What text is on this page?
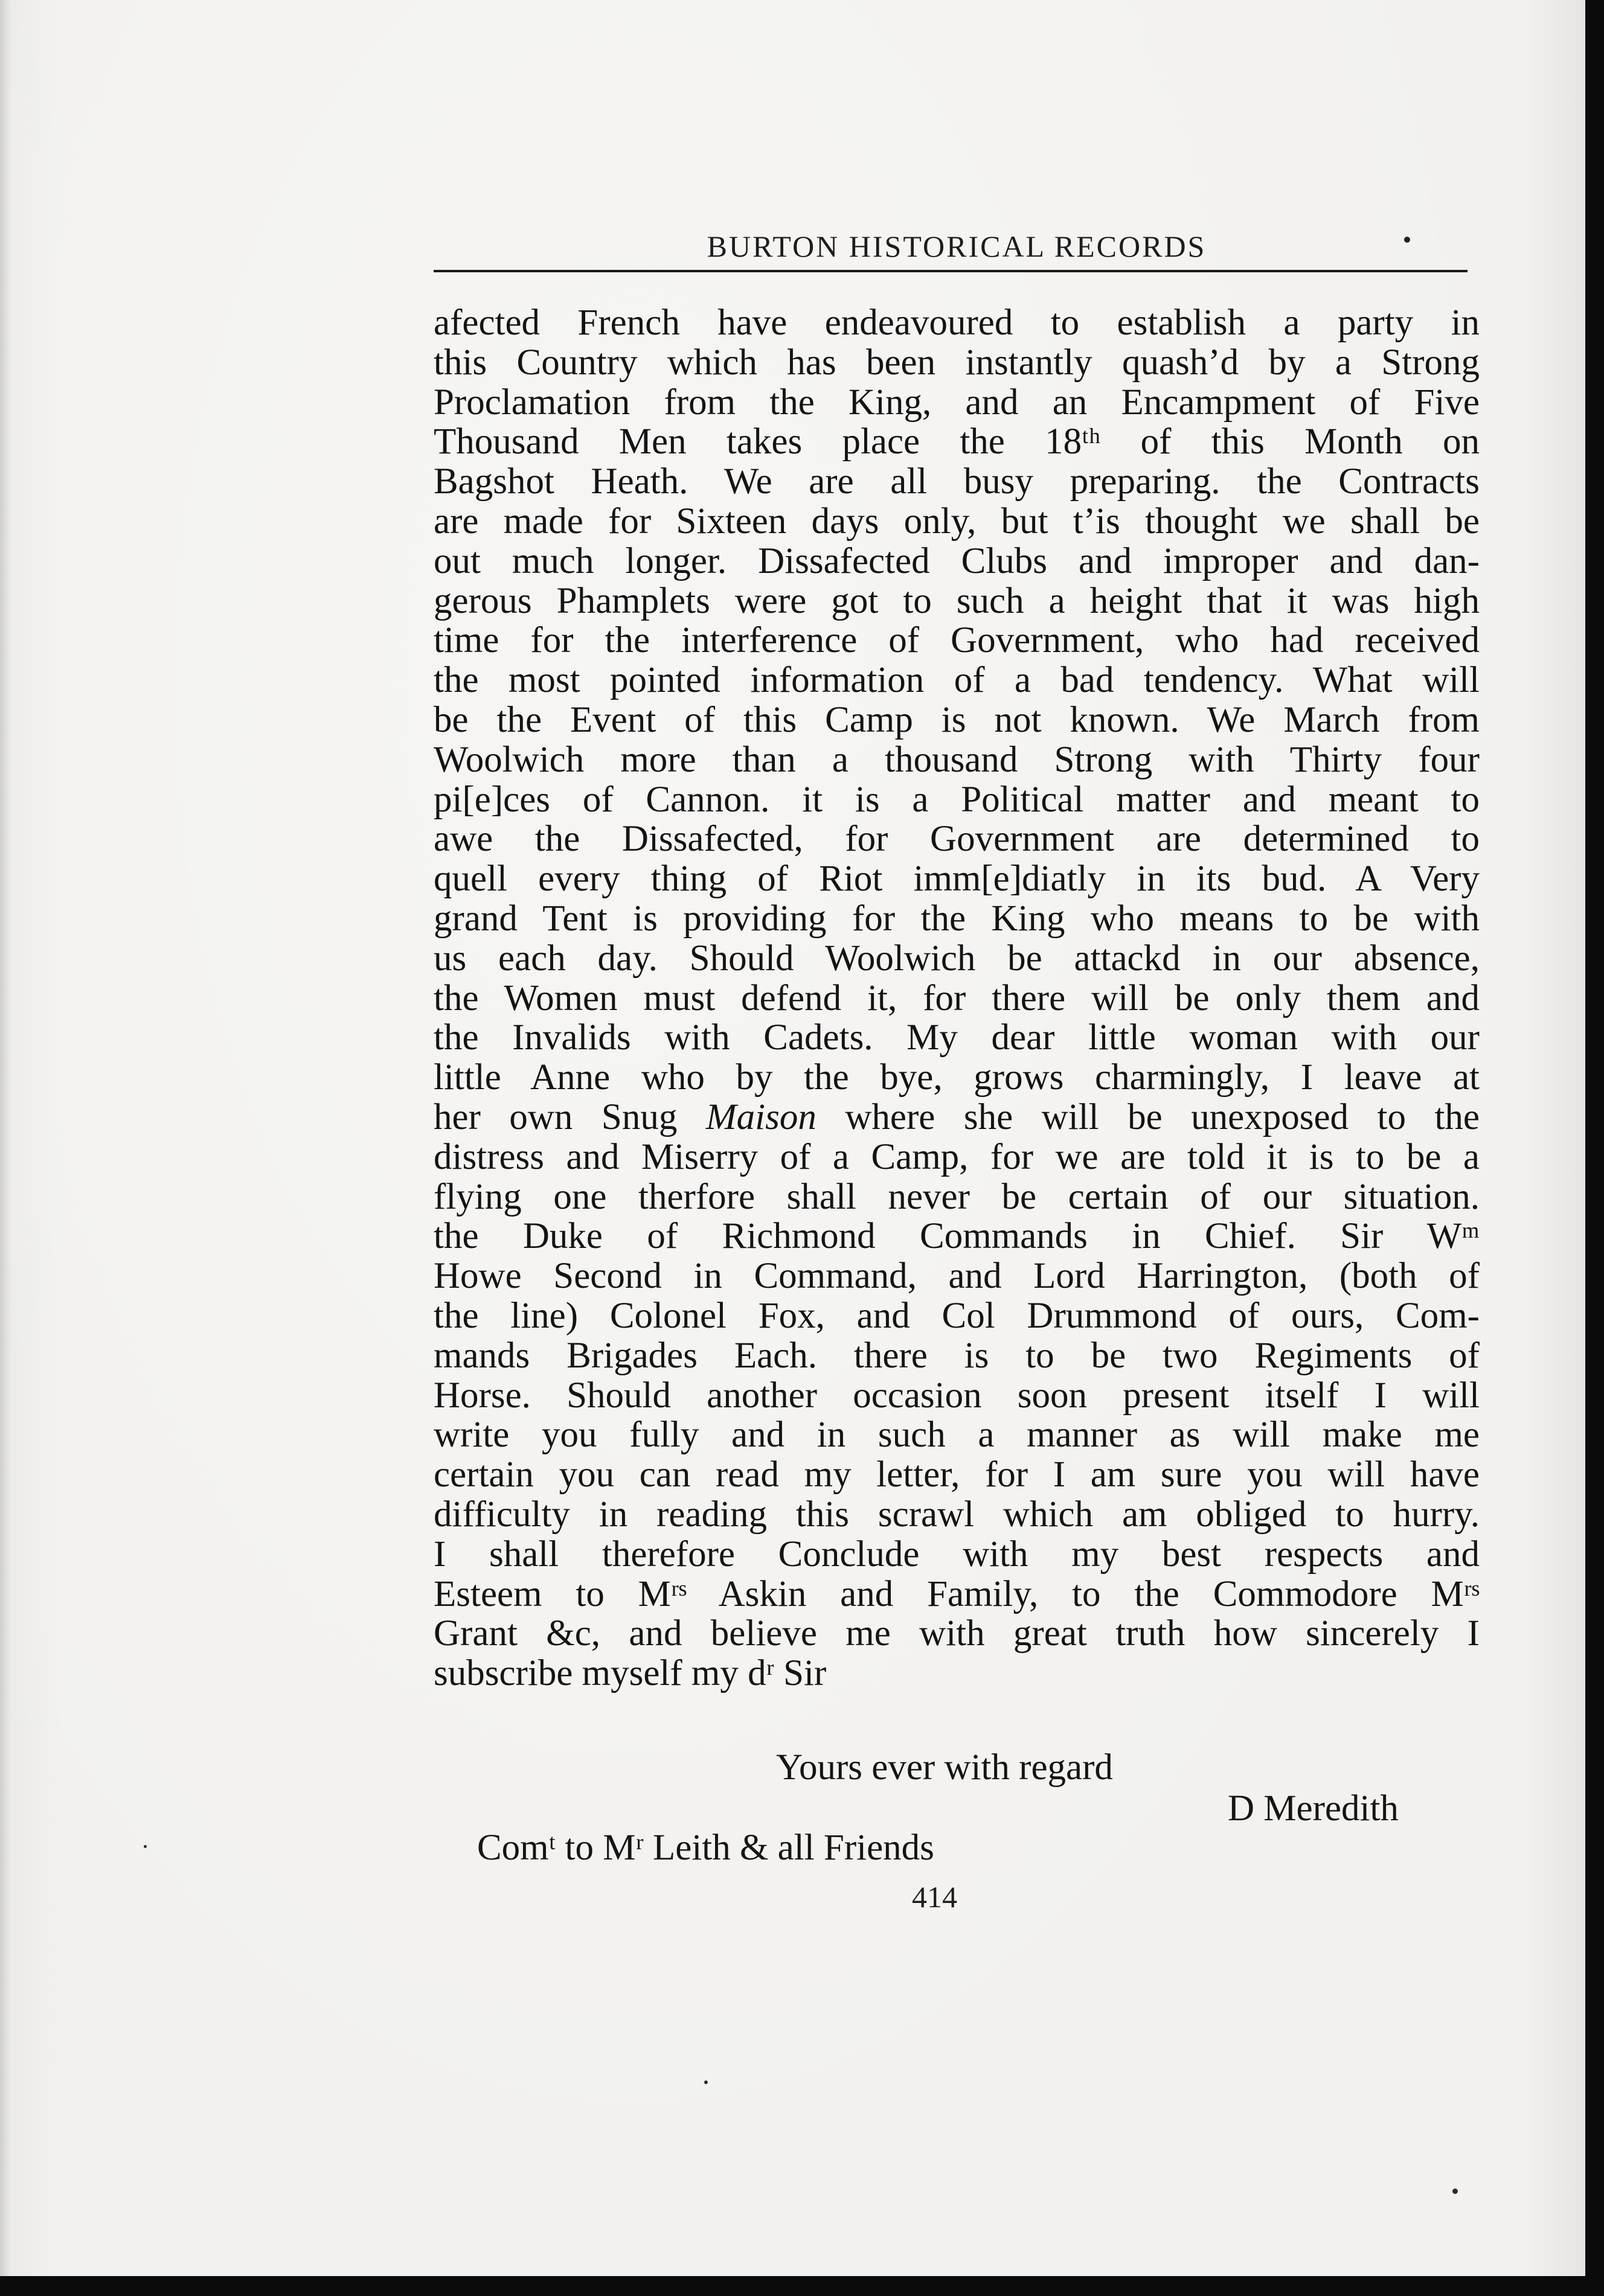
BURTON HISTORICAL RECORDS
afected French have endeavoured to establish a party in
this Country which has been instantly quash’d by a Strong
Proclamation from the King, and an Encampment of Five
Thousand Men takes place the 18ᵗʰ of this Month on
Bagshot Heath. We are all busy preparing. the Contracts
are made for Sixteen days only, but t’is thought we shall be
out much longer. Dissafected Clubs and improper and dan-
gerous Phamplets were got to such a height that it was high
time for the interference of Government, who had received
the most pointed information of a bad tendency. What will
be the Event of this Camp is not known. We March from
Woolwich more than a thousand Strong with Thirty four
pi[e]ces of Cannon. it is a Political matter and meant to
awe the Dissafected, for Government are determined to
quell every thing of Riot imm[e]diatly in its bud. A Very
grand Tent is providing for the King who means to be with
us each day. Should Woolwich be attackd in our absence,
the Women must defend it, for there will be only them and
the Invalids with Cadets. My dear little woman with our
little Anne who by the bye, grows charmingly, I leave at
her own Snug Maison where she will be unexposed to the
distress and Miserry of a Camp, for we are told it is to be a
flying one therfore shall never be certain of our situation.
the Duke of Richmond Commands in Chief. Sir Wᵐ
Howe Second in Command, and Lord Harrington, (both of
the line) Colonel Fox, and Col Drummond of ours, Com-
mands Brigades Each. there is to be two Regiments of
Horse. Should another occasion soon present itself I will
write you fully and in such a manner as will make me
certain you can read my letter, for I am sure you will have
difficulty in reading this scrawl which am obliged to hurry.
I shall therefore Conclude with my best respects and
Esteem to Mʳˢ Askin and Family, to the Commodore Mʳˢ
Grant &c, and believe me with great truth how sincerely I
subscribe myself my dʳ Sir
Yours ever with regard
D Meredith
Comᵗ to Mʳ Leith & all Friends
414
